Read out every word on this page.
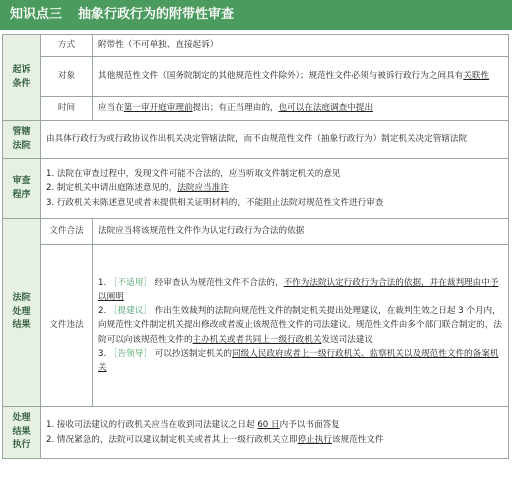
知识点三 抽象行政行为的附带性审查
起诉
条件	方式	附带性（不可单独、直接起诉）
	对象	其他规范性文件（国务院制定的其他规范性文件除外）；规范性文件必须与被诉行政行为之间具有关联性
	时间	应当在第一审开庭审理前提出；有正当理由的，也可以在法庭调查中提出
管辖
法院	由具体行政行为或行政协议作出机关决定管辖法院，而不由规范性文件（抽象行政行为）制定机关决定管辖法院	
审查
程序	1. 法院在审查过程中，发现文件可能不合法的，应当听取文件制定机关的意见
2. 制定机关申请出庭陈述意见的，法院应当准许
3. 行政机关未陈述意见或者未提供相关证明材料的，不能阻止法院对规范性文件进行审查	

法院
处理
结果	文件合法	法院应当将该规范性文件作为认定行政行为合法的依据
	文件违法	1. ［不适用］ 经审查认为规范性文件不合法的，不作为法院认定行政行为合法的依据，并在裁判理由中予以阐明
2. ［提建议］ 作出生效裁判的法院向规范性文件的制定机关提出处理建议，在裁判生效之日起 3 个月内，向规范性文件制定机关提出修改或者废止该规范性文件的司法建议。规范性文件由多个部门联合制定的，法院可以向该规范性文件的主办机关或者共同上一级行政机关发送司法建议
3. ［告领导］ 可以抄送制定机关的同级人民政府或者上一级行政机关、监察机关以及规范性文件的备案机关

处理
结果
执行	1. 接收司法建议的行政机关应当在收到司法建议之日起 60 日内予以书面答复
2. 情况紧急的，法院可以建议制定机关或者其上一级行政机关立即停止执行该规范性文件	
